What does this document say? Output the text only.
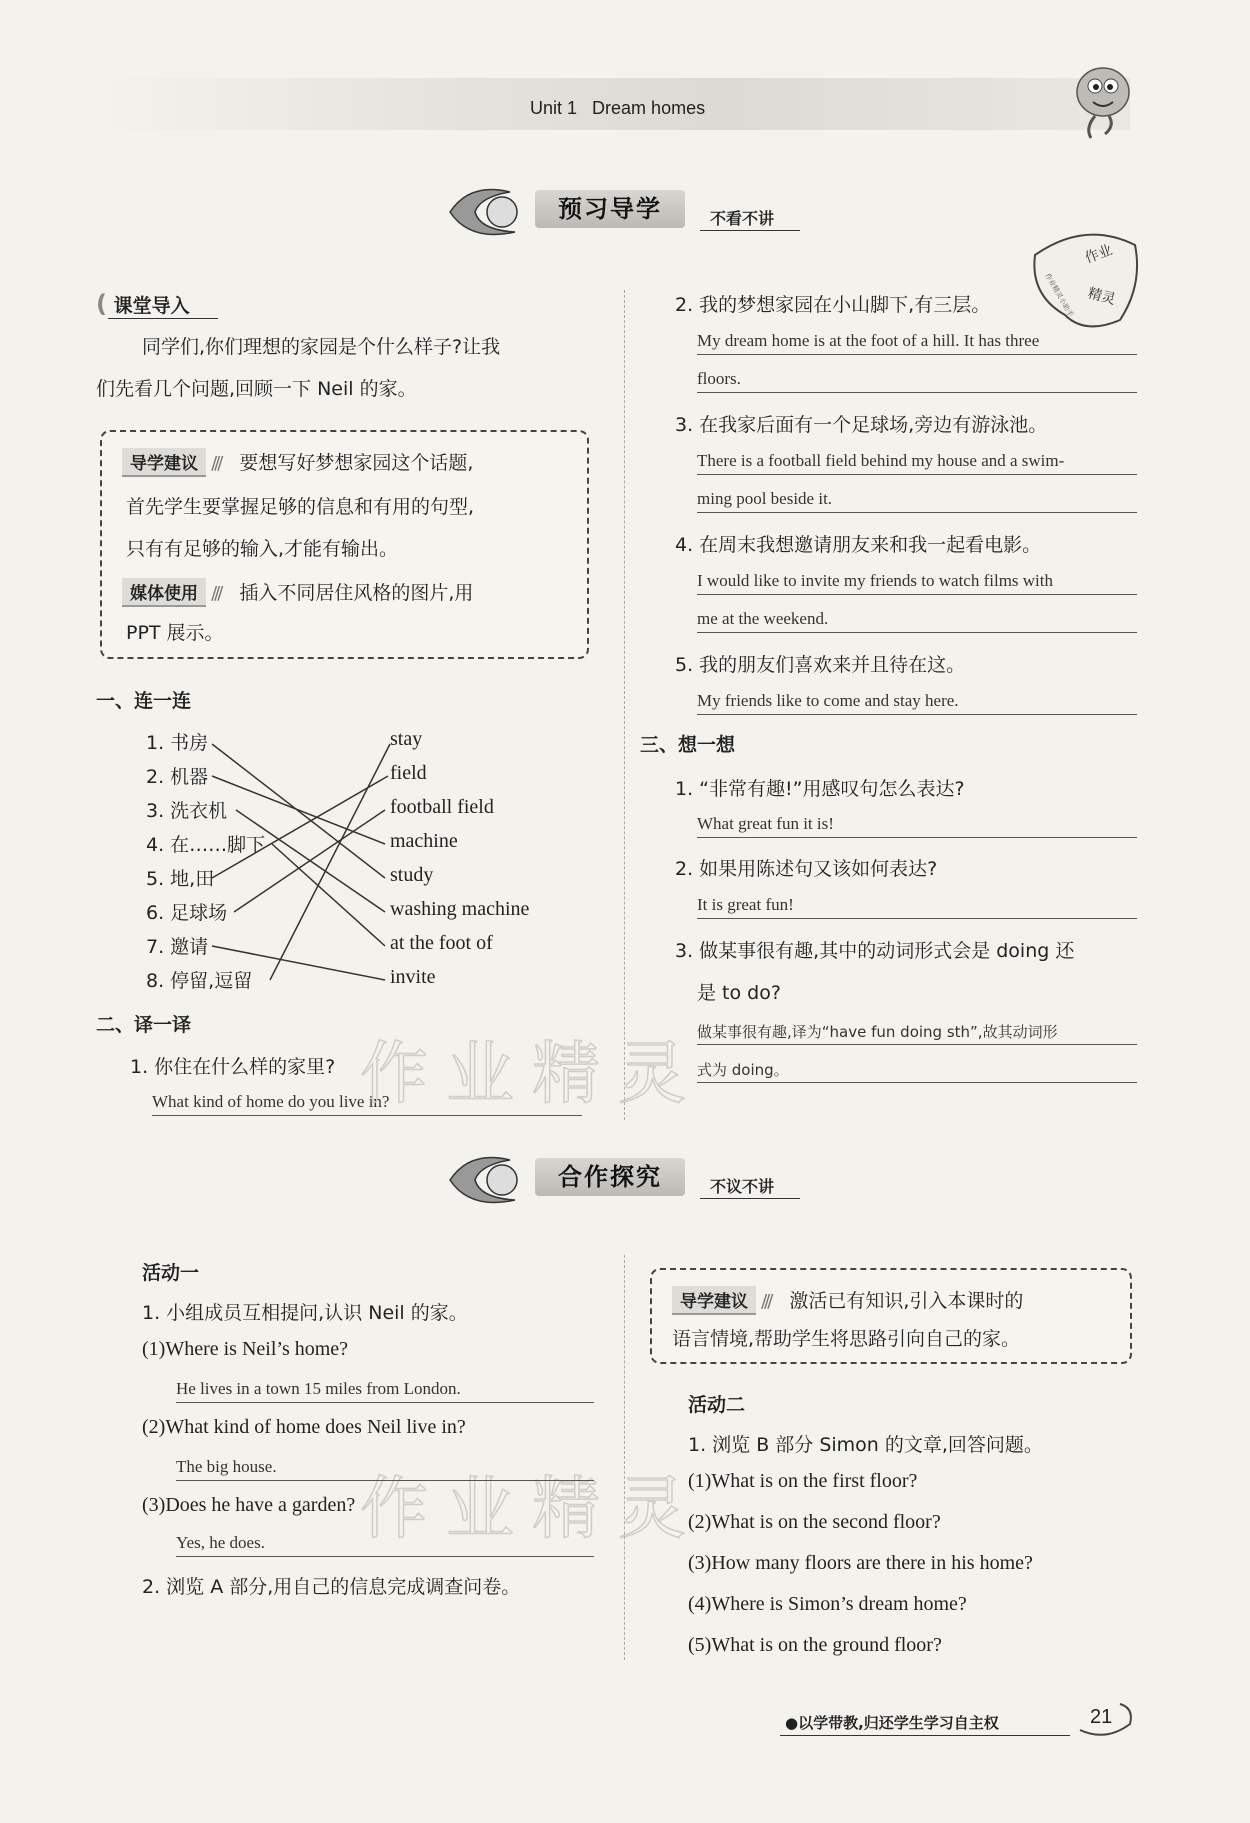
Unit 1 Dream homes
预习导学	不看不讲
作业
精灵
作业精灵小助手
( 课堂导入
同学们,你们理想的家园是个什么样子?让我
们先看几个问题,回顾一下 Neil 的家。
导学建议 /// 要想写好梦想家园这个话题,
首先学生要掌握足够的信息和有用的句型,
只有有足够的输入,才能有输出。
媒体使用 /// 插入不同居住风格的图片,用
PPT 展示。
一、连一连
1. 书房
2. 机器
3. 洗衣机
4. 在……脚下
5. 地,田
6. 足球场
7. 邀请
8. 停留,逗留
stay
field
football field
machine
study
washing machine
at the foot of
invite
二、译一译
1. 你住在什么样的家里?
What kind of home do you live in?
2. 我的梦想家园在小山脚下,有三层。
My dream home is at the foot of a hill. It has three
floors.
3. 在我家后面有一个足球场,旁边有游泳池。
There is a football field behind my house and a swim-
ming pool beside it.
4. 在周末我想邀请朋友来和我一起看电影。
I would like to invite my friends to watch films with
me at the weekend.
5. 我的朋友们喜欢来并且待在这。
My friends like to come and stay here.
三、想一想
1. “非常有趣!”用感叹句怎么表达?
What great fun it is!
2. 如果用陈述句又该如何表达?
It is great fun!
3. 做某事很有趣,其中的动词形式会是 doing 还
是 to do?
做某事很有趣,译为“have fun doing sth”,故其动词形
式为 doing。
作业精灵
作业精灵
合作探究	不议不讲
活动一
1. 小组成员互相提问,认识 Neil 的家。
(1)Where is Neil’s home?
He lives in a town 15 miles from London.
(2)What kind of home does Neil live in?
The big house.
(3)Does he have a garden?
Yes, he does.
2. 浏览 A 部分,用自己的信息完成调查问卷。
导学建议 /// 激活已有知识,引入本课时的
语言情境,帮助学生将思路引向自己的家。
活动二
1. 浏览 B 部分 Simon 的文章,回答问题。
(1)What is on the first floor?
(2)What is on the second floor?
(3)How many floors are there in his home?
(4)Where is Simon’s dream home?
(5)What is on the ground floor?
●以学带教,归还学生学习自主权	21
